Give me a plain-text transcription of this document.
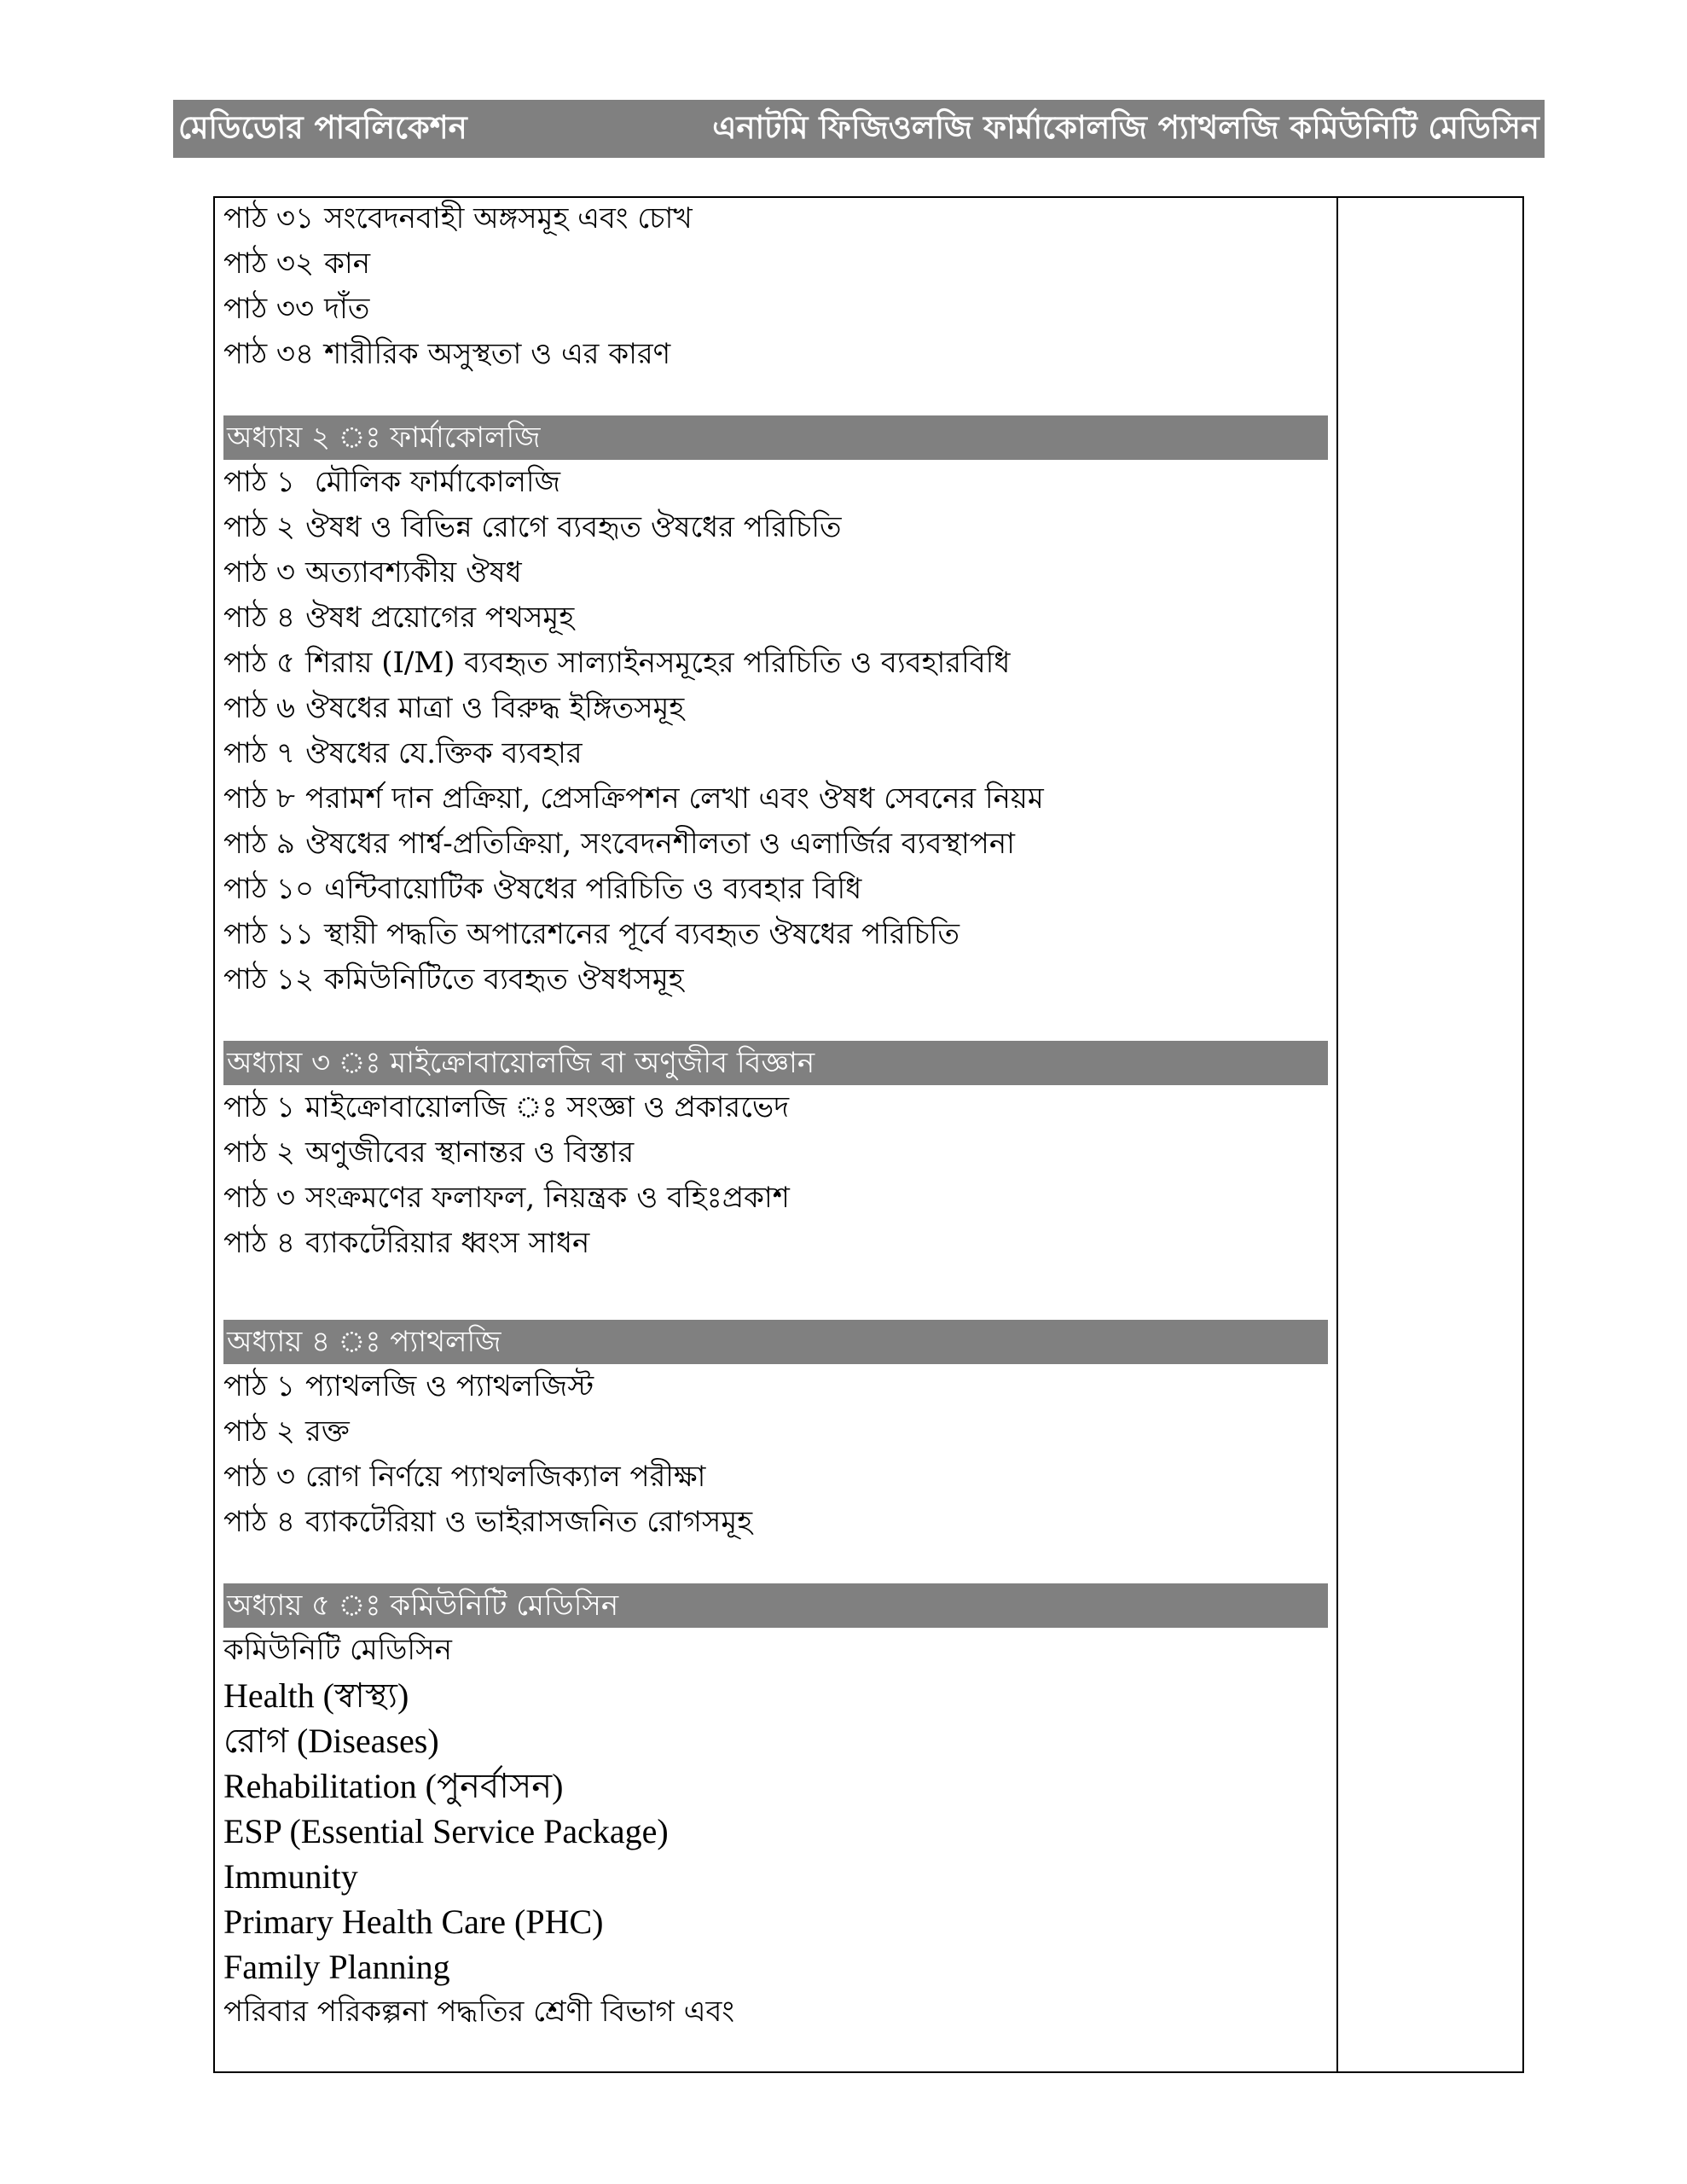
মেডিডোর পাবলিকেশন	এনাটমি ফিজিওলজি ফার্মাকোলজি প্যাথলজি কমিউনিটি মেডিসিন
পাঠ ৩১ সংবেদনবাহী অঙ্গসমূহ এবং চোখ
পাঠ ৩২ কান
পাঠ ৩৩ দাঁত
পাঠ ৩৪ শারীরিক অসুস্থতা ও এর কারণ
অধ্যায় ২ ঃ ফার্মাকোলজি
পাঠ ১ মৌলিক ফার্মাকোলজি
পাঠ ২ ঔষধ ও বিভিন্ন রোগে ব্যবহৃত ঔষধের পরিচিতি
পাঠ ৩ অত্যাবশ্যকীয় ঔষধ
পাঠ ৪ ঔষধ প্রয়োগের পথসমূহ
পাঠ ৫ শিরায় (I/M) ব্যবহৃত সাল্যাইনসমূহের পরিচিতি ও ব্যবহারবিধি
পাঠ ৬ ঔষধের মাত্রা ও বিরুদ্ধ ইঙ্গিতসমূহ
পাঠ ৭ ঔষধের যে.ক্তিক ব্যবহার
পাঠ ৮ পরামর্শ দান প্রক্রিয়া, প্রেসক্রিপশন লেখা এবং ঔষধ সেবনের নিয়ম
পাঠ ৯ ঔষধের পার্শ্ব-প্রতিক্রিয়া, সংবেদনশীলতা ও এলার্জির ব্যবস্থাপনা
পাঠ ১০ এন্টিবায়োটিক ঔষধের পরিচিতি ও ব্যবহার বিধি
পাঠ ১১ স্থায়ী পদ্ধতি অপারেশনের পূর্বে ব্যবহৃত ঔষধের পরিচিতি
পাঠ ১২ কমিউনিটিতে ব্যবহৃত ঔষধসমূহ
অধ্যায় ৩ ঃ মাইক্রোবায়োলজি বা অণুজীব বিজ্ঞান
পাঠ ১ মাইক্রোবায়োলজি ঃ সংজ্ঞা ও প্রকারভেদ
পাঠ ২ অণুজীবের স্থানান্তর ও বিস্তার
পাঠ ৩ সংক্রমণের ফলাফল, নিয়ন্ত্রক ও বহিঃপ্রকাশ
পাঠ ৪ ব্যাকটেরিয়ার ধ্বংস সাধন
অধ্যায় ৪ ঃ প্যাথলজি
পাঠ ১ প্যাথলজি ও প্যাথলজিস্ট
পাঠ ২ রক্ত
পাঠ ৩ রোগ নির্ণয়ে প্যাথলজিক্যাল পরীক্ষা
পাঠ ৪ ব্যাকটেরিয়া ও ভাইরাসজনিত রোগসমূহ
অধ্যায় ৫ ঃ কমিউনিটি মেডিসিন
কমিউনিটি মেডিসিন
Health (স্বাস্থ্য)
রোগ (Diseases)
Rehabilitation (পুনর্বাসন)
ESP (Essential Service Package)
Immunity
Primary Health Care (PHC)
Family Planning
পরিবার পরিকল্পনা পদ্ধতির শ্রেণী বিভাগ এবং
